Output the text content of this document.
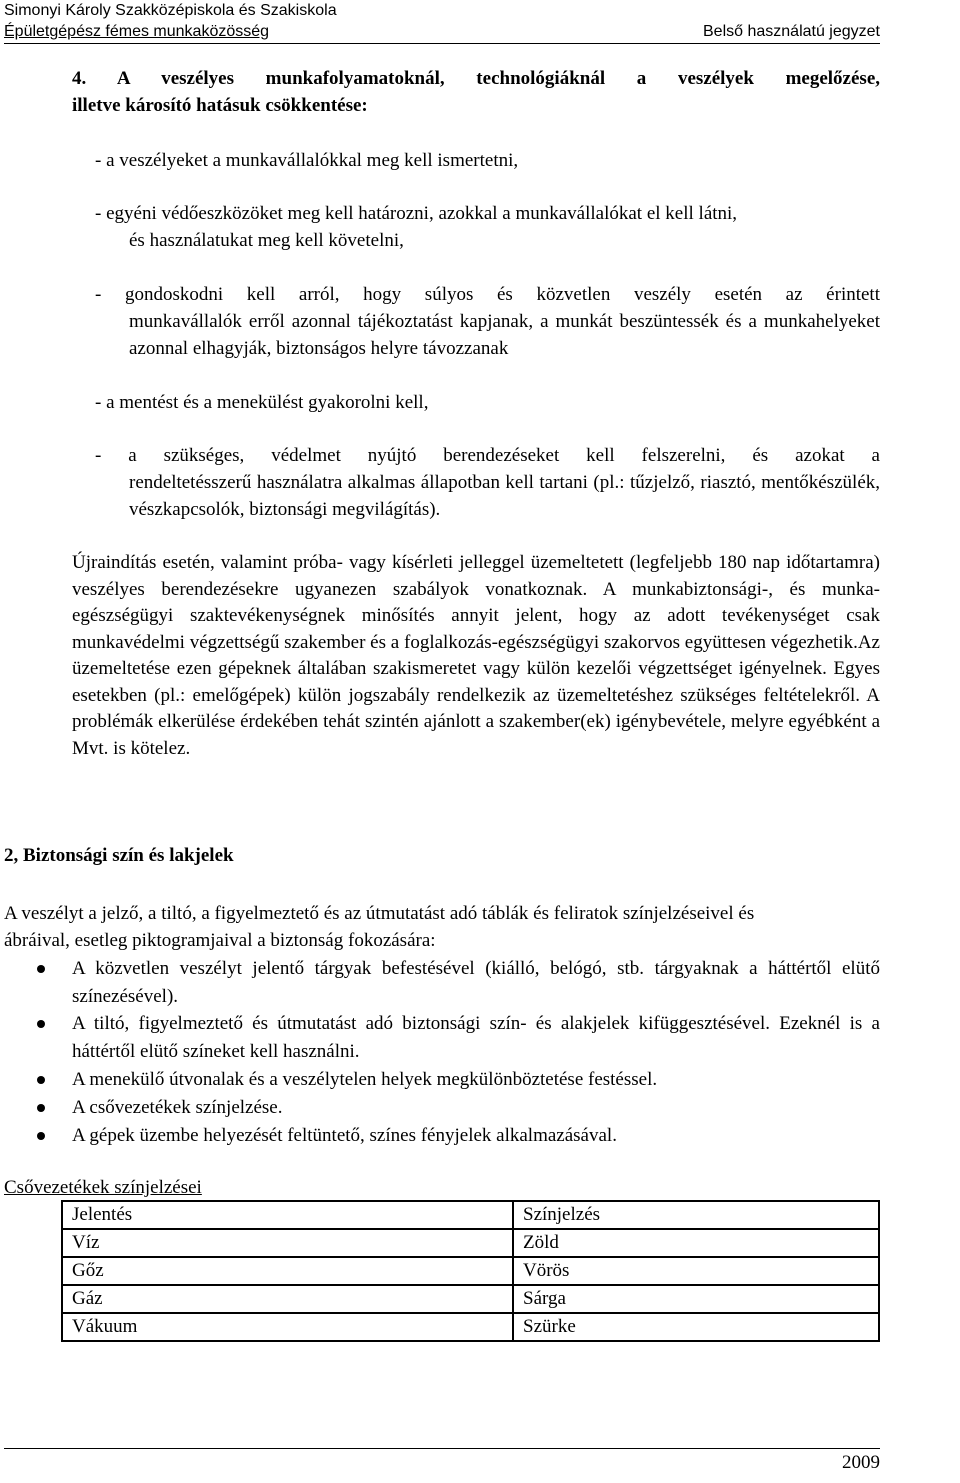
Simonyi Károly Szakközépiskola és Szakiskola
Épületgépész fémes munkaközösség	Belső használatú jegyzet
4. A veszélyes munkafolyamatoknál, technológiáknál a veszélyek megelőzése,
illetve károsító hatásuk csökkentése:
- a veszélyeket a munkavállalókkal meg kell ismertetni,
- egyéni védőeszközöket meg kell határozni, azokkal a munkavállalókat el kell látni,
és használatukat meg kell követelni,
- gondoskodni kell arról, hogy súlyos és közvetlen veszély esetén az érintett
munkavállalók erről azonnal tájékoztatást kapjanak, a munkát beszüntessék és a munkahelyeket azonnal elhagyják, biztonságos helyre távozzanak
- a mentést és a menekülést gyakorolni kell,
- a szükséges, védelmet nyújtó berendezéseket kell felszerelni, és azokat a
rendeltetésszerű használatra alkalmas állapotban kell tartani (pl.: tűzjelző, riasztó, mentőkészülék, vészkapcsolók, biztonsági megvilágítás).
Újraindítás esetén, valamint próba- vagy kísérleti jelleggel üzemeltetett (legfeljebb 180 nap időtartamra) veszélyes berendezésekre ugyanezen szabályok vonatkoznak. A munkabiztonsági-, és munka-egészségügyi szaktevékenységnek minősítés annyit jelent, hogy az adott tevékenységet csak munkavédelmi végzettségű szakember és a foglalkozás-egészségügyi szakorvos együttesen végezhetik.Az üzemeltetése ezen gépeknek általában szakismeretet vagy külön kezelői végzettséget igényelnek. Egyes esetekben (pl.: emelőgépek) külön jogszabály rendelkezik az üzemeltetéshez szükséges feltételekről. A problémák elkerülése érdekében tehát szintén ajánlott a szakember(ek) igénybevétele, melyre egyébként a Mvt. is kötelez.
2, Biztonsági szín és lakjelek
A veszélyt a jelző, a tiltó, a figyelmeztető és az útmutatást adó táblák és feliratok színjelzéseivel és ábráival, esetleg piktogramjaival a biztonság fokozására:
A közvetlen veszélyt jelentő tárgyak befestésével (kiálló, belógó, stb. tárgyaknak a háttértől elütő színezésével).
A tiltó, figyelmeztető és útmutatást adó biztonsági szín- és alakjelek kifüggesztésével. Ezeknél is a háttértől elütő színeket kell használni.
A menekülő útvonalak és a veszélytelen helyek megkülönböztetése festéssel.
A csővezetékek színjelzése.
A gépek üzembe helyezését feltüntető, színes fényjelek alkalmazásával.
Csővezetékek színjelzései
Jelentés	Színjelzés
Víz	Zöld
Gőz	Vörös
Gáz	Sárga
Vákuum	Szürke
2009
